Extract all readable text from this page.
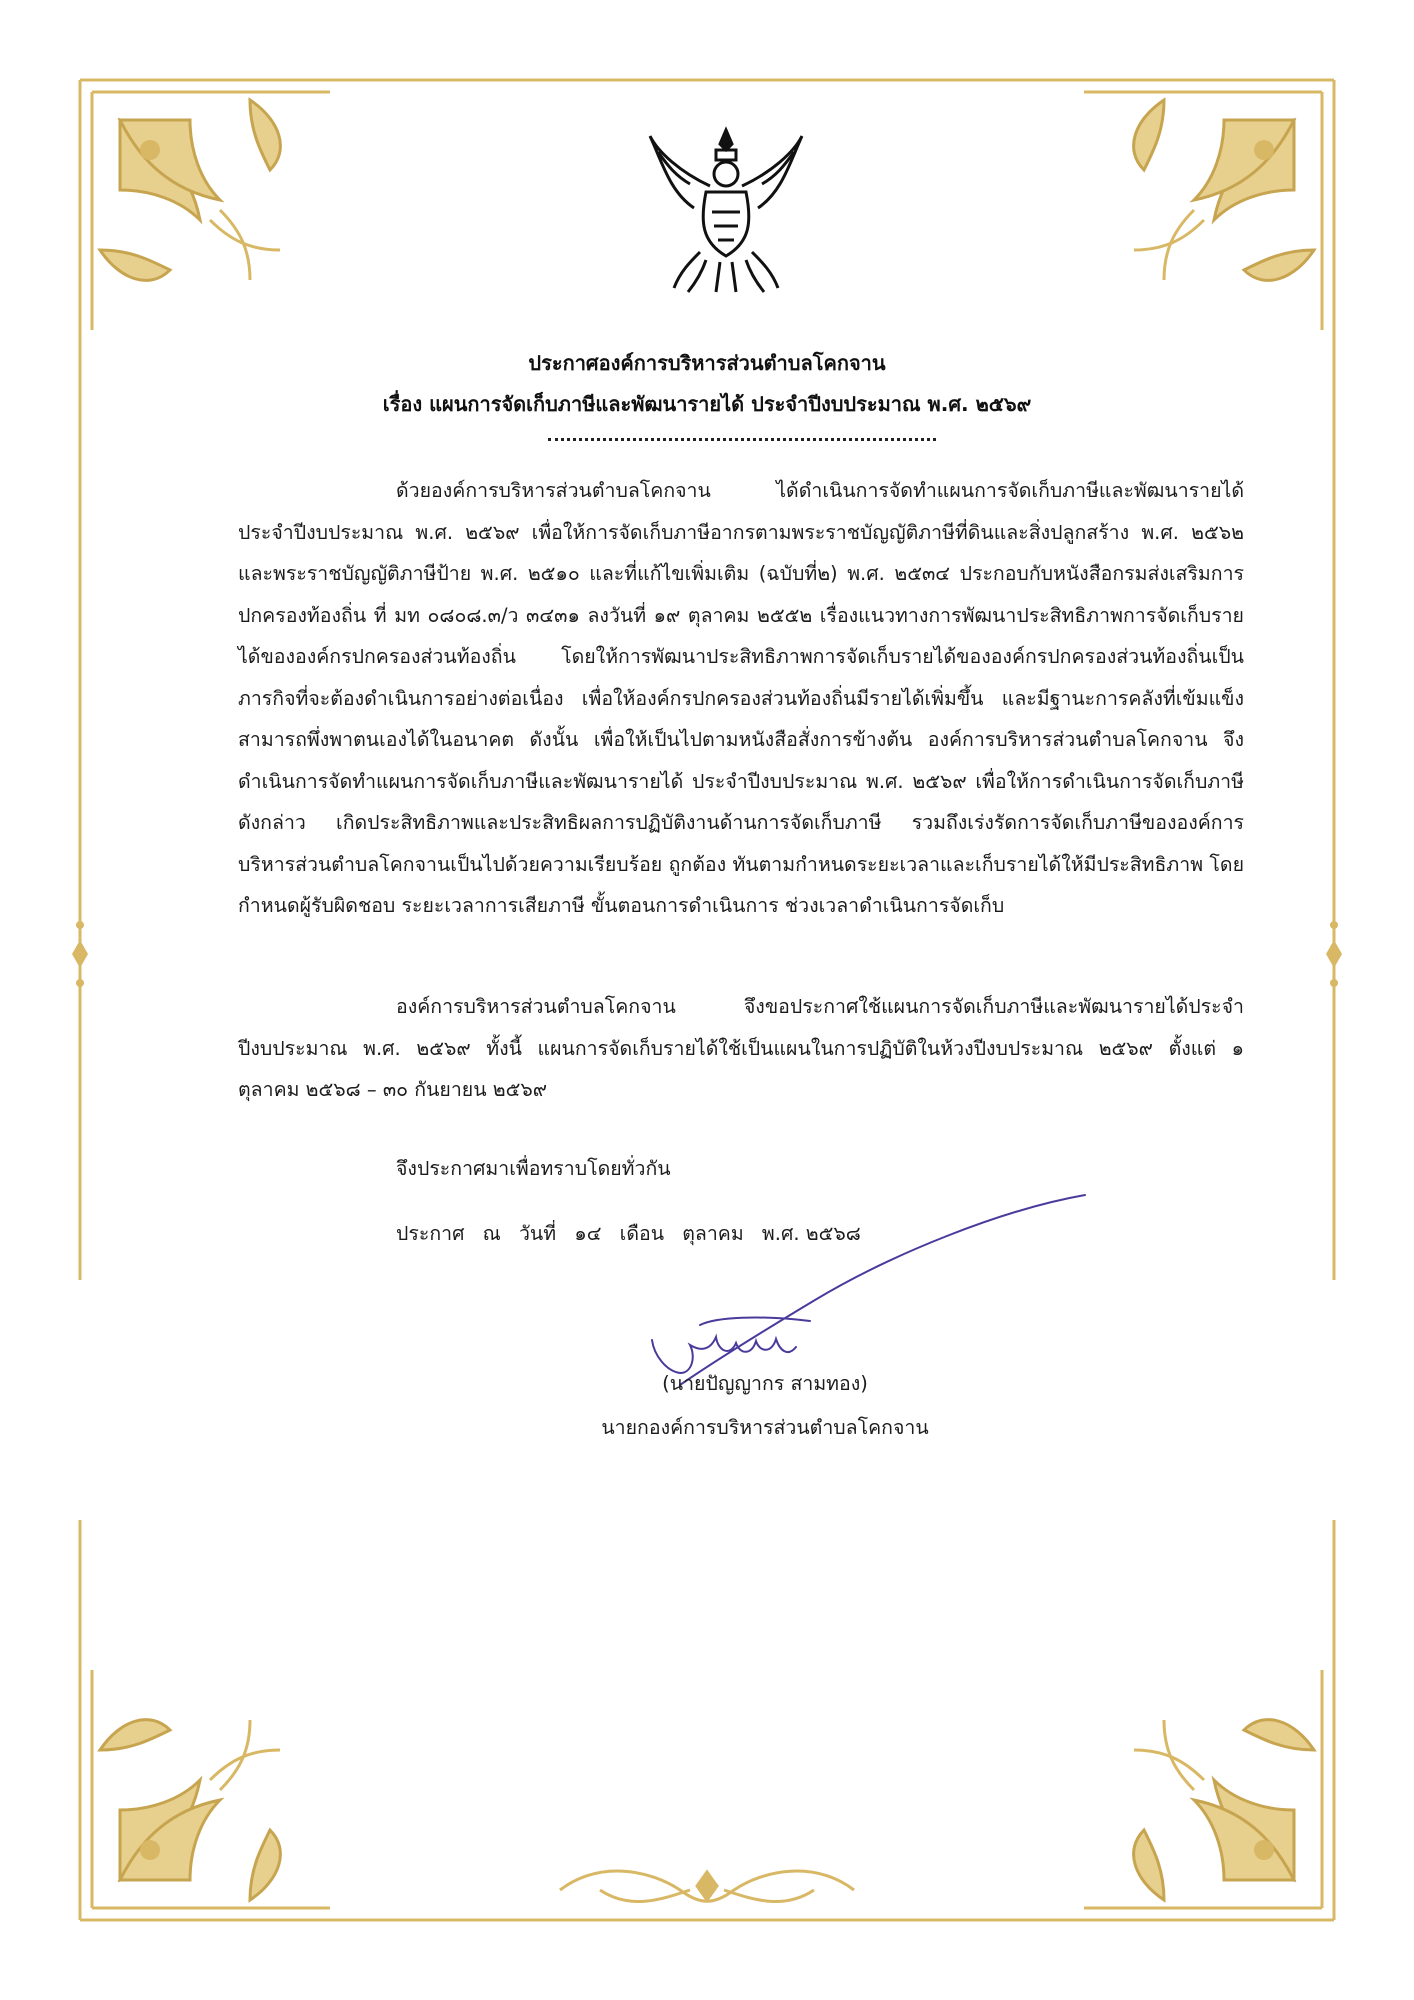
ประกาศองค์การบริหารส่วนตำบลโคกจาน
เรื่อง แผนการจัดเก็บภาษีและพัฒนารายได้ ประจำปีงบประมาณ พ.ศ. ๒๕๖๙

ด้วยองค์การบริหารส่วนตำบลโคกจาน ได้ดำเนินการจัดทำแผนการจัดเก็บภาษีและพัฒนารายได้ ประจำปีงบประมาณ พ.ศ. ๒๕๖๙ เพื่อให้การจัดเก็บภาษีอากรตามพระราชบัญญัติภาษีที่ดินและสิ่งปลูกสร้าง พ.ศ. ๒๕๖๒ และพระราชบัญญัติภาษีป้าย พ.ศ. ๒๕๑๐ และที่แก้ไขเพิ่มเติม (ฉบับที่๒) พ.ศ. ๒๕๓๔ ประกอบกับหนังสือกรมส่งเสริมการปกครองท้องถิ่น ที่ มท ๐๘๐๘.๓/ว ๓๔๓๑ ลงวันที่ ๑๙ ตุลาคม ๒๕๕๒ เรื่องแนวทางการพัฒนาประสิทธิภาพการจัดเก็บรายได้ขององค์กรปกครองส่วนท้องถิ่น โดยให้การพัฒนาประสิทธิภาพการจัดเก็บรายได้ขององค์กรปกครองส่วนท้องถิ่นเป็นภารกิจที่จะต้องดำเนินการอย่างต่อเนื่อง เพื่อให้องค์กรปกครองส่วนท้องถิ่นมีรายได้เพิ่มขึ้น และมีฐานะการคลังที่เข้มแข็งสามารถพึ่งพาตนเองได้ในอนาคต ดังนั้น เพื่อให้เป็นไปตามหนังสือสั่งการข้างต้น องค์การบริหารส่วนตำบลโคกจาน จึงดำเนินการจัดทำแผนการจัดเก็บภาษีและพัฒนารายได้ ประจำปีงบประมาณ พ.ศ. ๒๕๖๙ เพื่อให้การดำเนินการจัดเก็บภาษีดังกล่าว เกิดประสิทธิภาพและประสิทธิผลการปฏิบัติงานด้านการจัดเก็บภาษี รวมถึงเร่งรัดการจัดเก็บภาษีขององค์การบริหารส่วนตำบลโคกจานเป็นไปด้วยความเรียบร้อย ถูกต้อง ทันตามกำหนดระยะเวลาและเก็บรายได้ให้มีประสิทธิภาพ โดยกำหนดผู้รับผิดชอบ ระยะเวลาการเสียภาษี ขั้นตอนการดำเนินการ ช่วงเวลาดำเนินการจัดเก็บ

องค์การบริหารส่วนตำบลโคกจาน จึงขอประกาศใช้แผนการจัดเก็บภาษีและพัฒนารายได้ประจำปีงบประมาณ พ.ศ. ๒๕๖๙ ทั้งนี้ แผนการจัดเก็บรายได้ใช้เป็นแผนในการปฏิบัติในห้วงปีงบประมาณ ๒๕๖๙ ตั้งแต่ ๑ ตุลาคม ๒๕๖๘ – ๓๐ กันยายน ๒๕๖๙

จึงประกาศมาเพื่อทราบโดยทั่วกัน
ประกาศ ณ วันที่ ๑๔ เดือน ตุลาคม พ.ศ. ๒๕๖๘
(นายปัญญากร สามทอง)
นายกองค์การบริหารส่วนตำบลโคกจาน
